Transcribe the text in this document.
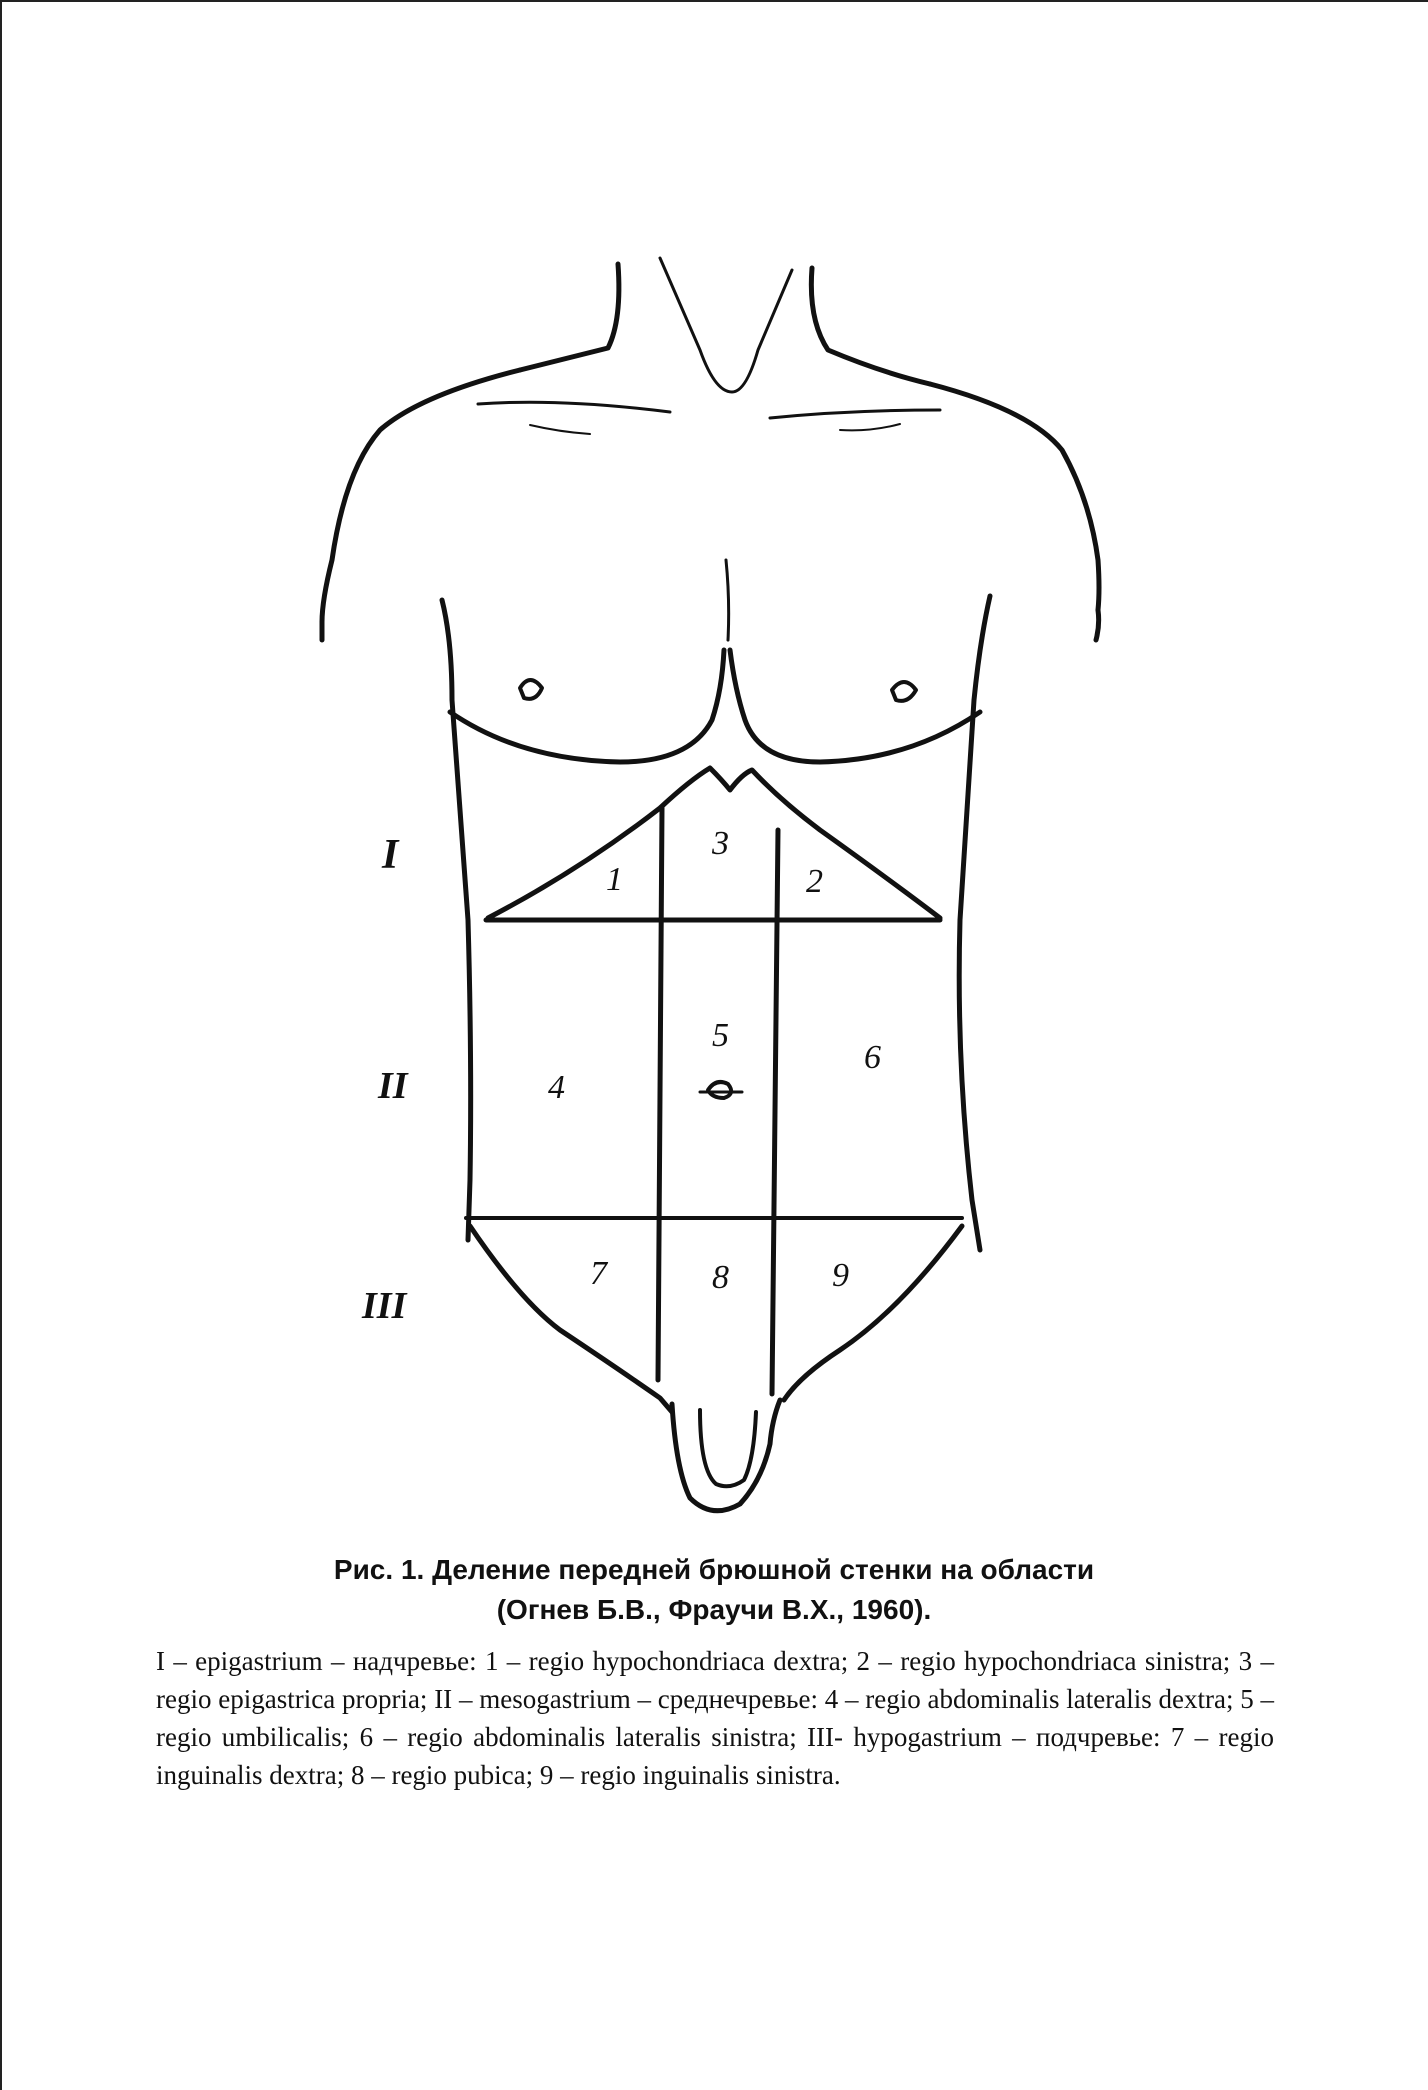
I
II
III
1	2
3
4
5
6
7	8	9
Рис. 1. Деление передней брюшной стенки на области
(Огнев Б.В., Фраучи В.Х., 1960).
I – epigastrium – надчревье: 1 – regio hypochondriaca dextra; 2 – regio hypochondriaca sinistra; 3 – regio epigastrica propria; II – mesogastrium – среднечревье: 4 – regio abdominalis lateralis dextra; 5 – regio umbilicalis; 6 – regio abdominalis lateralis sinistra; III- hypogastrium – подчревье: 7 – regio inguinalis dextra; 8 – regio pubica; 9 – regio inguinalis sinistra.
